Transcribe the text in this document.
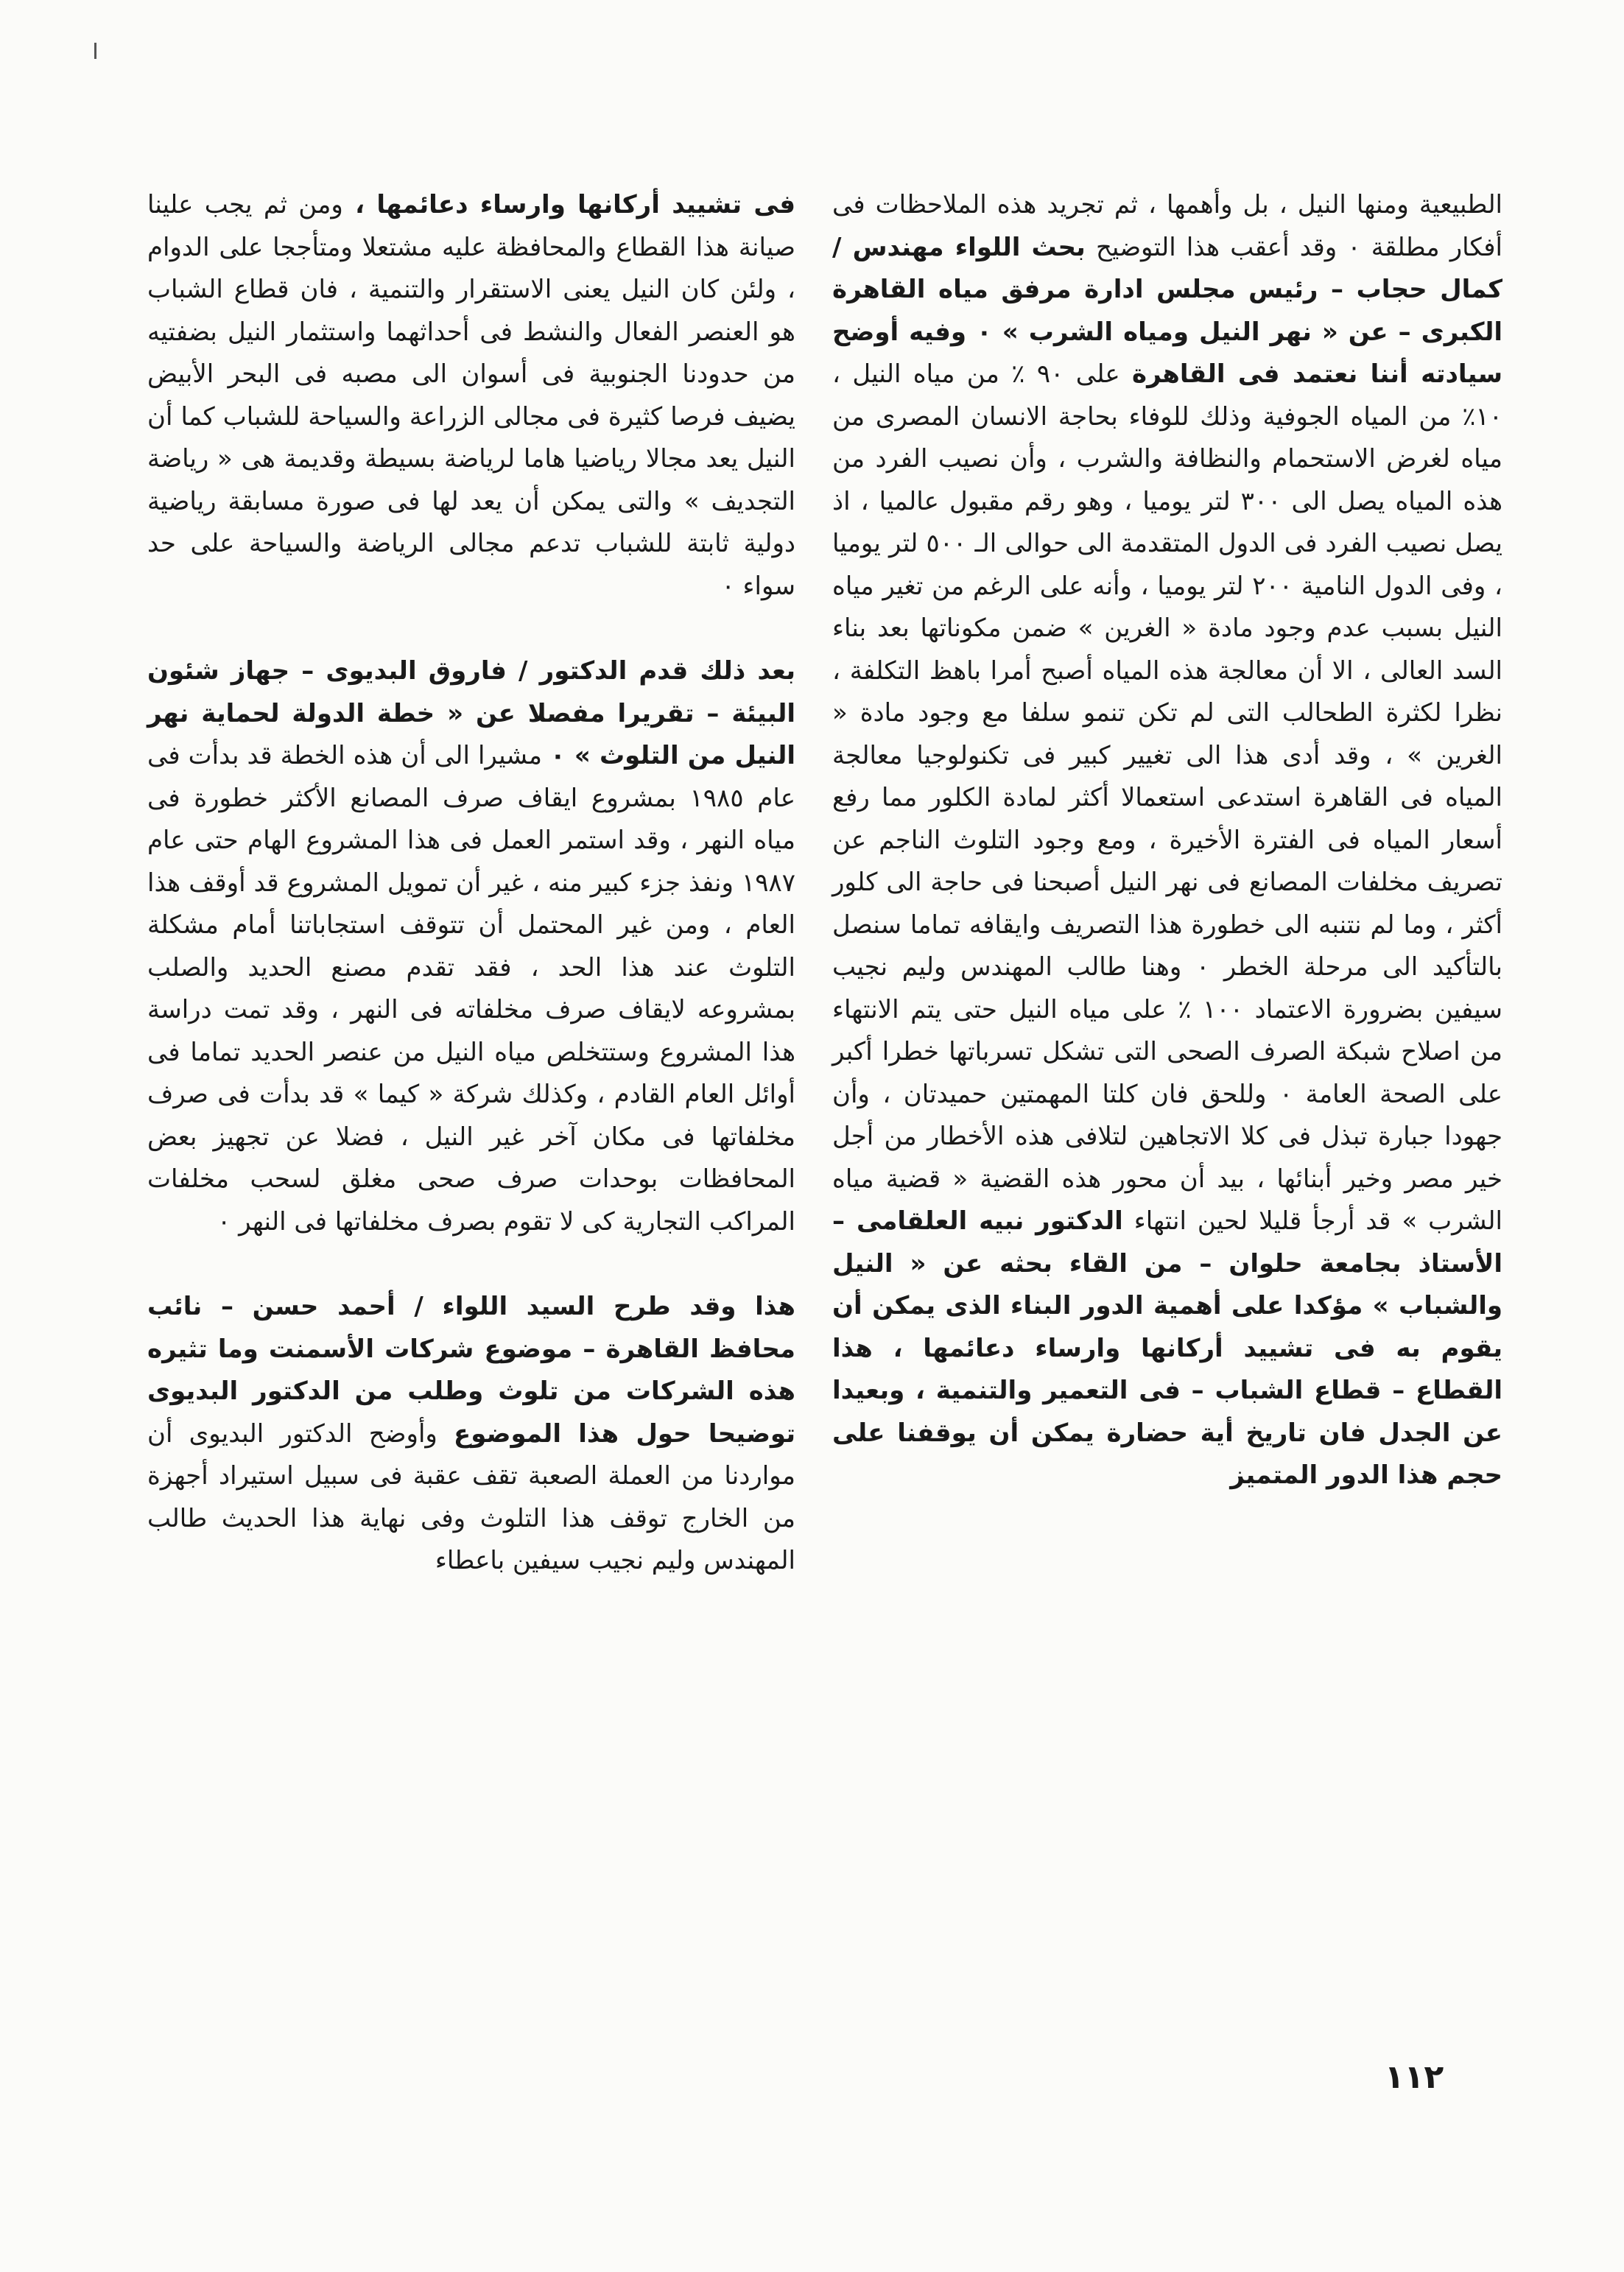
الطبيعية ومنها النيل ، بل وأهمها ، ثم تجريد هذه الملاحظات فى أفكار مطلقة ٠ وقد أعقب هذا التوضيح بحث اللواء مهندس / كمال حجاب – رئيس مجلس ادارة مرفق مياه القاهرة الكبرى – عن « نهر النيل ومياه الشرب » ٠ وفيه أوضح سيادته أننا نعتمد فى القاهرة على ٩٠ ٪ من مياه النيل ، ١٠٪ من المياه الجوفية وذلك للوفاء بحاجة الانسان المصرى من مياه لغرض الاستحمام والنظافة والشرب ، وأن نصيب الفرد من هذه المياه يصل الى ٣٠٠ لتر يوميا ، وهو رقم مقبول عالميا ، اذ يصل نصيب الفرد فى الدول المتقدمة الى حوالى الـ ٥٠٠ لتر يوميا ، وفى الدول النامية ٢٠٠ لتر يوميا ، وأنه على الرغم من تغير مياه النيل بسبب عدم وجود مادة « الغرين » ضمن مكوناتها بعد بناء السد العالى ، الا أن معالجة هذه المياه أصبح أمرا باهظ التكلفة ، نظرا لكثرة الطحالب التى لم تكن تنمو سلفا مع وجود مادة « الغرين » ، وقد أدى هذا الى تغيير كبير فى تكنولوجيا معالجة المياه فى القاهرة استدعى استعمالا أكثر لمادة الكلور مما رفع أسعار المياه فى الفترة الأخيرة ، ومع وجود التلوث الناجم عن تصريف مخلفات المصانع فى نهر النيل أصبحنا فى حاجة الى كلور أكثر ، وما لم نتنبه الى خطورة هذا التصريف وايقافه تماما سنصل بالتأكيد الى مرحلة الخطر ٠ وهنا طالب المهندس وليم نجيب سيفين بضرورة الاعتماد ١٠٠ ٪ على مياه النيل حتى يتم الانتهاء من اصلاح شبكة الصرف الصحى التى تشكل تسرباتها خطرا أكبر على الصحة العامة ٠ وللحق فان كلتا المهمتين حميدتان ، وأن جهودا جبارة تبذل فى كلا الاتجاهين لتلافى هذه الأخطار من أجل خير مصر وخير أبنائها ، بيد أن محور هذه القضية « قضية مياه الشرب » قد أرجأ قليلا لحين انتهاء الدكتور نبيه العلقامى – الأستاذ بجامعة حلوان – من القاء بحثه عن « النيل والشباب » مؤكدا على أهمية الدور البناء الذى يمكن أن يقوم به فى تشييد أركانها وارساء دعائمها ، هذا القطاع – قطاع الشباب – فى التعمير والتنمية ، وبعيدا عن الجدل فان تاريخ أية حضارة يمكن أن يوقفنا على حجم هذا الدور المتميز

فى تشييد أركانها وارساء دعائمها ، ومن ثم يجب علينا صيانة هذا القطاع والمحافظة عليه مشتعلا ومتأججا على الدوام ، ولئن كان النيل يعنى الاستقرار والتنمية ، فان قطاع الشباب هو العنصر الفعال والنشط فى أحداثهما واستثمار النيل بضفتيه من حدودنا الجنوبية فى أسوان الى مصبه فى البحر الأبيض يضيف فرصا كثيرة فى مجالى الزراعة والسياحة للشباب كما أن النيل يعد مجالا رياضيا هاما لرياضة بسيطة وقديمة هى « رياضة التجديف » والتى يمكن أن يعد لها فى صورة مسابقة رياضية دولية ثابتة للشباب تدعم مجالى الرياضة والسياحة على حد سواء ٠

بعد ذلك قدم الدكتور / فاروق البديوى – جهاز شئون البيئة – تقريرا مفصلا عن « خطة الدولة لحماية نهر النيل من التلوث » ٠ مشيرا الى أن هذه الخطة قد بدأت فى عام ١٩٨٥ بمشروع ايقاف صرف المصانع الأكثر خطورة فى مياه النهر ، وقد استمر العمل فى هذا المشروع الهام حتى عام ١٩٨٧ ونفذ جزء كبير منه ، غير أن تمويل المشروع قد أوقف هذا العام ، ومن غير المحتمل أن تتوقف استجاباتنا أمام مشكلة التلوث عند هذا الحد ، فقد تقدم مصنع الحديد والصلب بمشروعه لايقاف صرف مخلفاته فى النهر ، وقد تمت دراسة هذا المشروع وستتخلص مياه النيل من عنصر الحديد تماما فى أوائل العام القادم ، وكذلك شركة « كيما » قد بدأت فى صرف مخلفاتها فى مكان آخر غير النيل ، فضلا عن تجهيز بعض المحافظات بوحدات صرف صحى مغلق لسحب مخلفات المراكب التجارية كى لا تقوم بصرف مخلفاتها فى النهر ٠

هذا وقد طرح السيد اللواء / أحمد حسن – نائب محافظ القاهرة – موضوع شركات الأسمنت وما تثيره هذه الشركات من تلوث وطلب من الدكتور البديوى توضيحا حول هذا الموضوع وأوضح الدكتور البديوى أن مواردنا من العملة الصعبة تقف عقبة فى سبيل استيراد أجهزة من الخارج توقف هذا التلوث وفى نهاية هذا الحديث طالب المهندس وليم نجيب سيفين باعطاء

١١٢
